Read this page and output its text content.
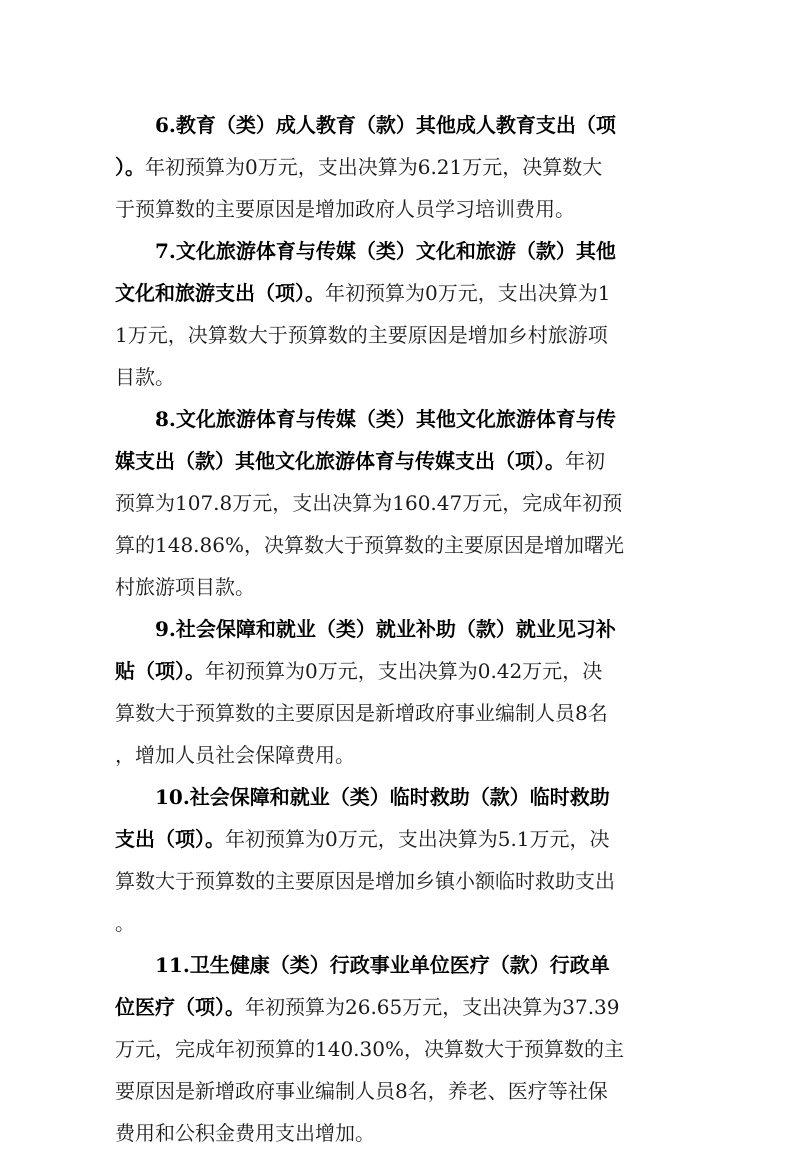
6.教育（类）成人教育（款）其他成人教育支出（项
）。年初预算为0万元，支出决算为6.21万元，决算数大
于预算数的主要原因是增加政府人员学习培训费用。
7.文化旅游体育与传媒（类）文化和旅游（款）其他
文化和旅游支出（项）。年初预算为0万元，支出决算为1
1万元，决算数大于预算数的主要原因是增加乡村旅游项
目款。
8.文化旅游体育与传媒（类）其他文化旅游体育与传
媒支出（款）其他文化旅游体育与传媒支出（项）。年初
预算为107.8万元，支出决算为160.47万元，完成年初预
算的148.86%，决算数大于预算数的主要原因是增加曙光
村旅游项目款。
9.社会保障和就业（类）就业补助（款）就业见习补
贴（项）。年初预算为0万元，支出决算为0.42万元，决
算数大于预算数的主要原因是新增政府事业编制人员8名
，增加人员社会保障费用。
10.社会保障和就业（类）临时救助（款）临时救助
支出（项）。年初预算为0万元，支出决算为5.1万元，决
算数大于预算数的主要原因是增加乡镇小额临时救助支出
。
11.卫生健康（类）行政事业单位医疗（款）行政单
位医疗（项）。年初预算为26.65万元，支出决算为37.39
万元，完成年初预算的140.30%，决算数大于预算数的主
要原因是新增政府事业编制人员8名，养老、医疗等社保
费用和公积金费用支出增加。
